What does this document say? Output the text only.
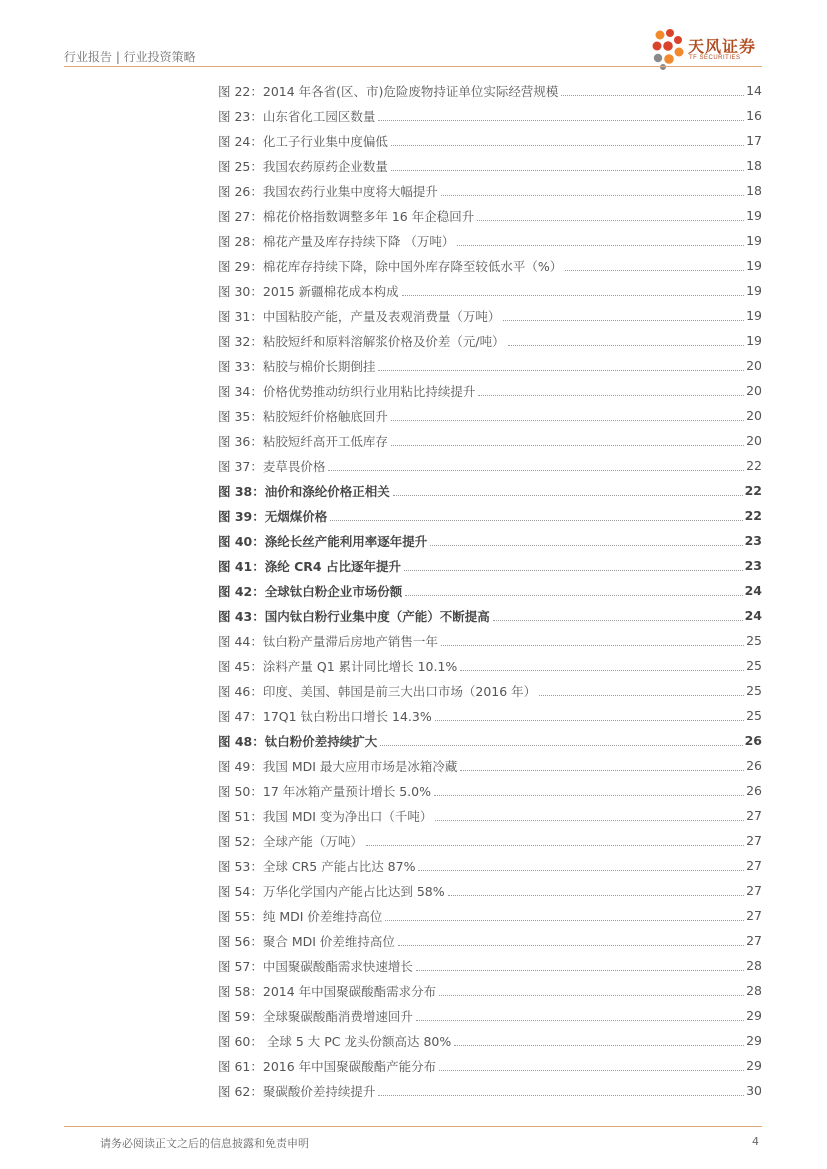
行业报告 | 行业投资策略
天风证券
TF SECURITIES
图 22：2014 年各省(区、市)危险废物持证单位实际经营规模	14
图 23：山东省化工园区数量	16
图 24：化工子行业集中度偏低	17
图 25：我国农药原药企业数量	18
图 26：我国农药行业集中度将大幅提升	18
图 27：棉花价格指数调整多年 16 年企稳回升	19
图 28：棉花产量及库存持续下降 （万吨）	19
图 29：棉花库存持续下降，除中国外库存降至较低水平（%）	19
图 30：2015 新疆棉花成本构成	19
图 31：中国粘胶产能，产量及表观消费量（万吨）	19
图 32：粘胶短纤和原料溶解浆价格及价差（元/吨）	19
图 33：粘胶与棉价长期倒挂	20
图 34：价格优势推动纺织行业用粘比持续提升	20
图 35：粘胶短纤价格触底回升	20
图 36：粘胶短纤高开工低库存	20
图 37：麦草畏价格	22
图 38：油价和涤纶价格正相关	22
图 39：无烟煤价格	22
图 40：涤纶长丝产能利用率逐年提升	23
图 41：涤纶 CR4 占比逐年提升	23
图 42：全球钛白粉企业市场份额	24
图 43：国内钛白粉行业集中度（产能）不断提高	24
图 44：钛白粉产量滞后房地产销售一年	25
图 45：涂料产量 Q1 累计同比增长 10.1%	25
图 46：印度、美国、韩国是前三大出口市场（2016 年）	25
图 47：17Q1 钛白粉出口增长 14.3%	25
图 48：钛白粉价差持续扩大	26
图 49：我国 MDI 最大应用市场是冰箱冷藏	26
图 50：17 年冰箱产量预计增长 5.0%	26
图 51：我国 MDI 变为净出口（千吨）	27
图 52：全球产能（万吨）	27
图 53：全球 CR5 产能占比达 87%	27
图 54：万华化学国内产能占比达到 58%	27
图 55：纯 MDI 价差维持高位	27
图 56：聚合 MDI 价差维持高位	27
图 57：中国聚碳酸酯需求快速增长	28
图 58：2014 年中国聚碳酸酯需求分布	28
图 59：全球聚碳酸酯消费增速回升	29
图 60： 全球 5 大 PC 龙头份额高达 80%	29
图 61：2016 年中国聚碳酸酯产能分布	29
图 62：聚碳酸价差持续提升	30
请务必阅读正文之后的信息披露和免责申明	4
